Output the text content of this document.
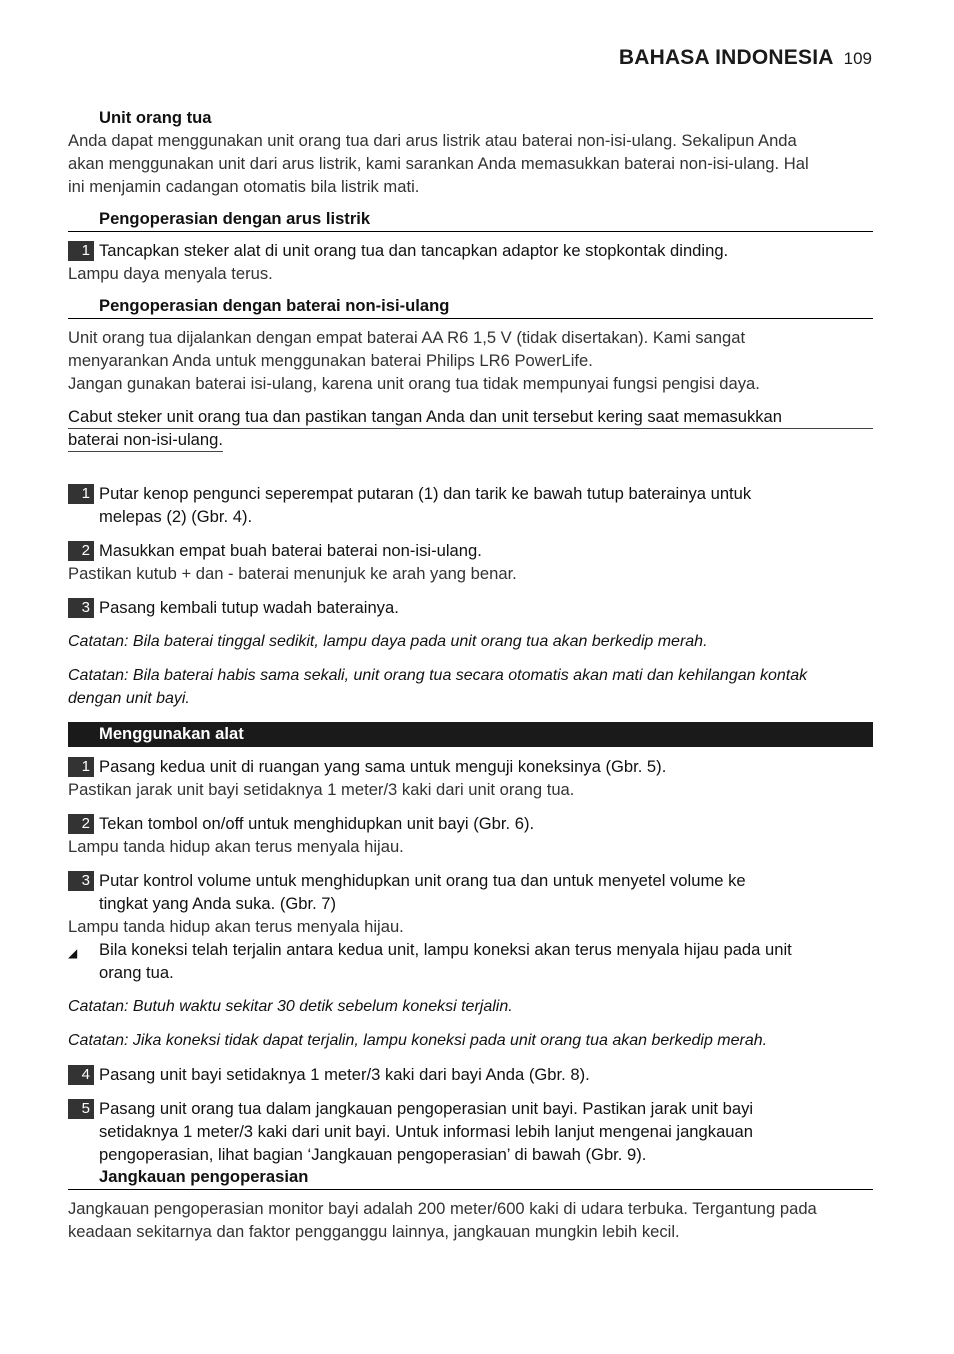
BAHASA INDONESIA 109

Unit orang tua

Anda dapat menggunakan unit orang tua dari arus listrik atau baterai non-isi-ulang. Sekalipun Anda

akan menggunakan unit dari arus listrik, kami sarankan Anda memasukkan baterai non-isi-ulang. Hal

ini menjamin cadangan otomatis bila listrik mati.

Pengoperasian dengan arus listrik

1 Tancapkan steker alat di unit orang tua dan tancapkan adaptor ke stopkontak dinding.

Lampu daya menyala terus.

Pengoperasian dengan baterai non-isi-ulang

Unit orang tua dijalankan dengan empat baterai AA R6 1,5 V (tidak disertakan). Kami sangat

menyarankan Anda untuk menggunakan baterai Philips LR6 PowerLife.

Jangan gunakan baterai isi-ulang, karena unit orang tua tidak mempunyai fungsi pengisi daya.

Cabut steker unit orang tua dan pastikan tangan Anda dan unit tersebut kering saat memasukkan
baterai non-isi-ulang.

1 Putar kenop pengunci seperempat putaran (1) dan tarik ke bawah tutup baterainya untuk
melepas (2) (Gbr. 4).

2 Masukkan empat buah baterai baterai non-isi-ulang.

Pastikan kutub + dan - baterai menunjuk ke arah yang benar.

3 Pasang kembali tutup wadah baterainya.

Catatan: Bila baterai tinggal sedikit, lampu daya pada unit orang tua akan berkedip merah.

Catatan: Bila baterai habis sama sekali, unit orang tua secara otomatis akan mati dan kehilangan kontak

dengan unit bayi.

Menggunakan alat

1 Pasang kedua unit di ruangan yang sama untuk menguji koneksinya (Gbr. 5).

Pastikan jarak unit bayi setidaknya 1 meter/3 kaki dari unit orang tua.

2 Tekan tombol on/off untuk menghidupkan unit bayi (Gbr. 6).

Lampu tanda hidup akan terus menyala hijau.

3 Putar kontrol volume untuk menghidupkan unit orang tua dan untuk menyetel volume ke
tingkat yang Anda suka. (Gbr. 7)

Lampu tanda hidup akan terus menyala hijau.

◢ Bila koneksi telah terjalin antara kedua unit, lampu koneksi akan terus menyala hijau pada unit
orang tua.

Catatan: Butuh waktu sekitar 30 detik sebelum koneksi terjalin.

Catatan: Jika koneksi tidak dapat terjalin, lampu koneksi pada unit orang tua akan berkedip merah.

4 Pasang unit bayi setidaknya 1 meter/3 kaki dari bayi Anda (Gbr. 8).

5 Pasang unit orang tua dalam jangkauan pengoperasian unit bayi. Pastikan jarak unit bayi
setidaknya 1 meter/3 kaki dari unit bayi. Untuk informasi lebih lanjut mengenai jangkauan
pengoperasian, lihat bagian ‘Jangkauan pengoperasian’ di bawah (Gbr. 9).

Jangkauan pengoperasian

Jangkauan pengoperasian monitor bayi adalah 200 meter/600 kaki di udara terbuka. Tergantung pada

keadaan sekitarnya dan faktor pengganggu lainnya, jangkauan mungkin lebih kecil.
